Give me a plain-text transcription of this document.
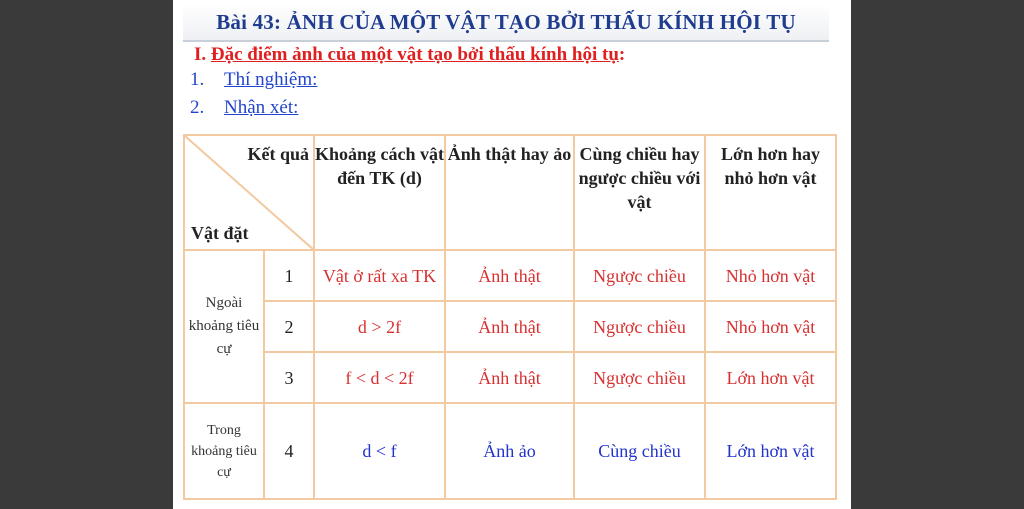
Bài 43: ẢNH CỦA MỘT VẬT TẠO BỞI THẤU KÍNH HỘI TỤ
I. Đặc điểm ảnh của một vật tạo bởi thấu kính hội tụ:
1. Thí nghiệm:
2. Nhận xét:
Kết quả
Vật đặt		Khoảng cách vật đến TK (d)	Ảnh thật hay ảo	Cùng chiều hay ngược chiều với vật	Lớn hơn hay nhỏ hơn vật
Ngoài khoảng tiêu cự	1	Vật ở rất xa TK	Ảnh thật	Ngược chiều	Nhỏ hơn vật
	2	d > 2f	Ảnh thật	Ngược chiều	Nhỏ hơn vật
	3	f < d < 2f	Ảnh thật	Ngược chiều	Lớn hơn vật
Trong khoảng tiêu cự	4	d < f	Ảnh ảo	Cùng chiều	Lớn hơn vật
